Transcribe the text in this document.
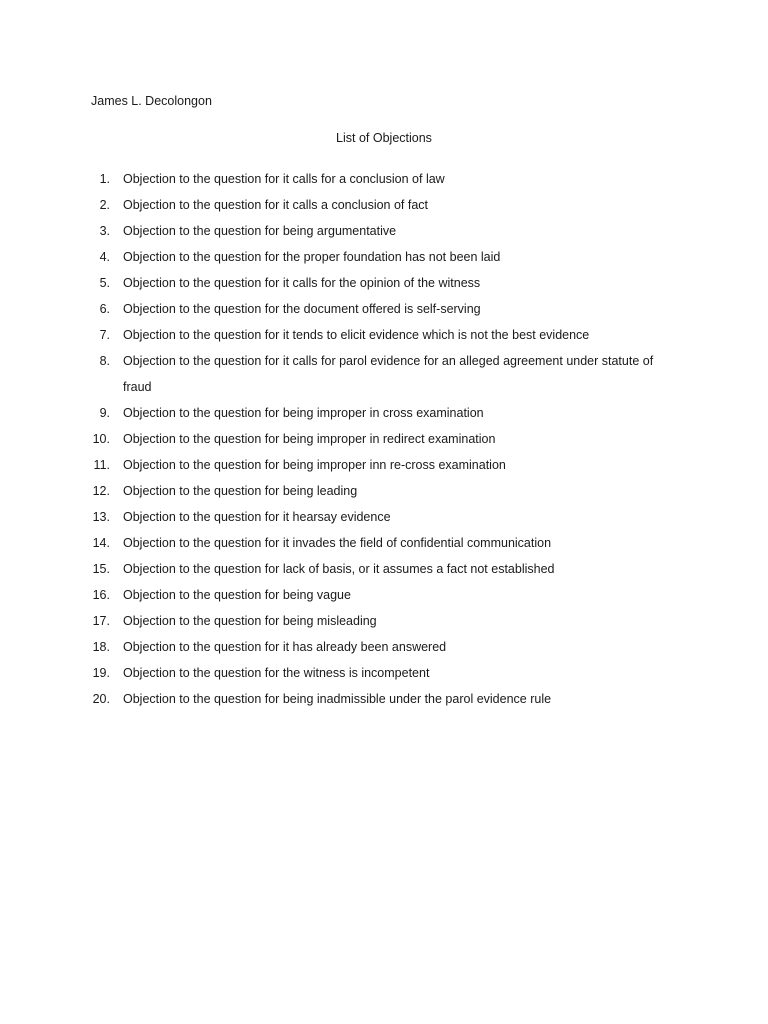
James L. Decolongon
List of Objections
1.	Objection to the question for it calls for a conclusion of law
2.	Objection to the question for it calls a conclusion of fact
3.	Objection to the question for being argumentative
4.	Objection to the question for the proper foundation has not been laid
5.	Objection to the question for it calls for the opinion of the witness
6.	Objection to the question for the document offered is self-serving
7.	Objection to the question for it tends to elicit evidence which is not the best evidence
8.	Objection to the question for it calls for parol evidence for an alleged agreement under statute of fraud
9.	Objection to the question for being improper in cross examination
10.	Objection to the question for being improper in redirect examination
11.	Objection to the question for being improper inn re-cross examination
12.	Objection to the question for being leading
13.	Objection to the question for it hearsay evidence
14.	Objection to the question for it invades the field of confidential communication
15.	Objection to the question for lack of basis, or it assumes a fact not established
16.	Objection to the question for being vague
17.	Objection to the question for being misleading
18.	Objection to the question for it has already been answered
19.	Objection to the question for the witness is incompetent
20.	Objection to the question for being inadmissible under the parol evidence rule
